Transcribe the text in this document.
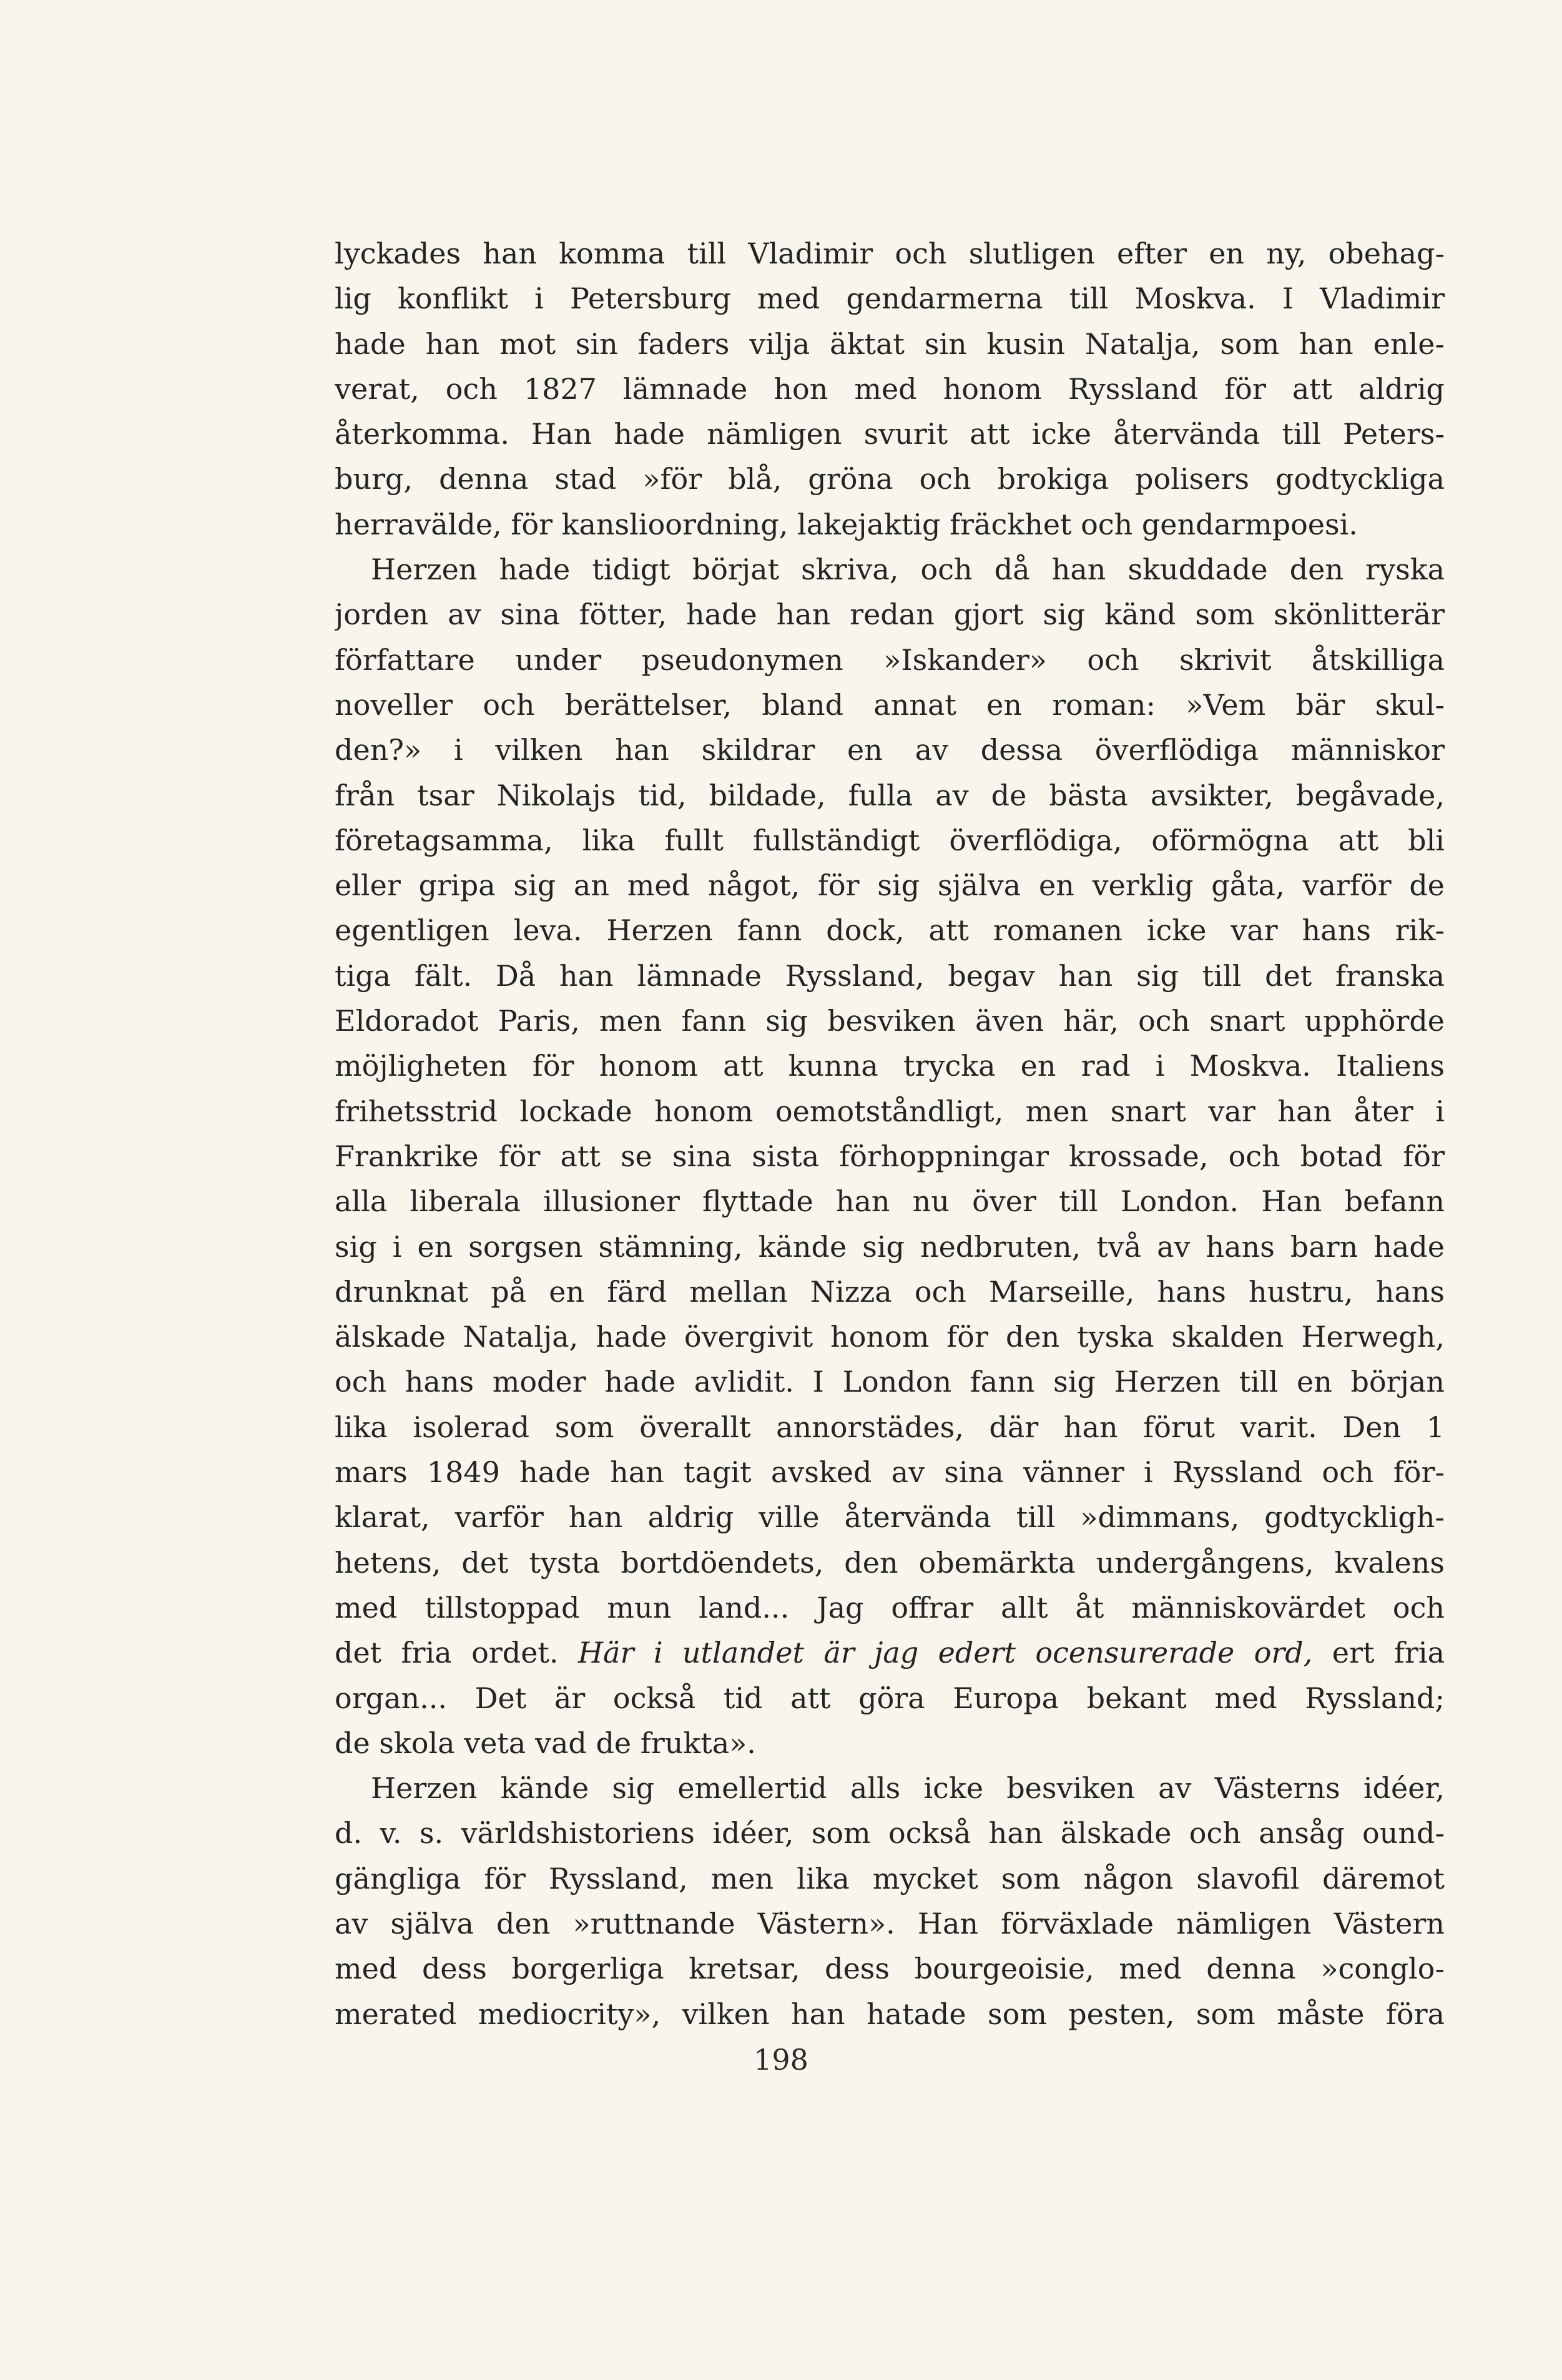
lyckades han komma till Vladimir och slutligen efter en ny, obehag-
lig konflikt i Petersburg med gendarmerna till Moskva. I Vladimir
hade han mot sin faders vilja äktat sin kusin Natalja, som han enle-
verat, och 1827 lämnade hon med honom Ryssland för att aldrig
återkomma. Han hade nämligen svurit att icke återvända till Peters-
burg, denna stad »för blå, gröna och brokiga polisers godtyckliga
herravälde, för kanslioordning, lakejaktig fräckhet och gendarmpoesi.
Herzen hade tidigt börjat skriva, och då han skuddade den ryska
jorden av sina fötter, hade han redan gjort sig känd som skönlitterär
författare under pseudonymen »Iskander» och skrivit åtskilliga
noveller och berättelser, bland annat en roman: »Vem bär skul-
den?» i vilken han skildrar en av dessa överflödiga människor
från tsar Nikolajs tid, bildade, fulla av de bästa avsikter, begåvade,
företagsamma, lika fullt fullständigt överflödiga, oförmögna att bli
eller gripa sig an med något, för sig själva en verklig gåta, varför de
egentligen leva. Herzen fann dock, att romanen icke var hans rik-
tiga fält. Då han lämnade Ryssland, begav han sig till det franska
Eldoradot Paris, men fann sig besviken även här, och snart upphörde
möjligheten för honom att kunna trycka en rad i Moskva. Italiens
frihetsstrid lockade honom oemotståndligt, men snart var han åter i
Frankrike för att se sina sista förhoppningar krossade, och botad för
alla liberala illusioner flyttade han nu över till London. Han befann
sig i en sorgsen stämning, kände sig nedbruten, två av hans barn hade
drunknat på en färd mellan Nizza och Marseille, hans hustru, hans
älskade Natalja, hade övergivit honom för den tyska skalden Herwegh,
och hans moder hade avlidit. I London fann sig Herzen till en början
lika isolerad som överallt annorstädes, där han förut varit. Den 1
mars 1849 hade han tagit avsked av sina vänner i Ryssland och för-
klarat, varför han aldrig ville återvända till »dimmans, godtyckligh-
hetens, det tysta bortdöendets, den obemärkta undergångens, kvalens
med tillstoppad mun land... Jag offrar allt åt människovärdet och
det fria ordet. Här i utlandet är jag edert ocensurerade ord, ert fria
organ... Det är också tid att göra Europa bekant med Ryssland;
de skola veta vad de frukta».
Herzen kände sig emellertid alls icke besviken av Västerns idéer,
d. v. s. världshistoriens idéer, som också han älskade och ansåg ound-
gängliga för Ryssland, men lika mycket som någon slavofil däremot
av själva den »ruttnande Västern». Han förväxlade nämligen Västern
med dess borgerliga kretsar, dess bourgeoisie, med denna »conglo-
merated mediocrity», vilken han hatade som pesten, som måste föra
198
